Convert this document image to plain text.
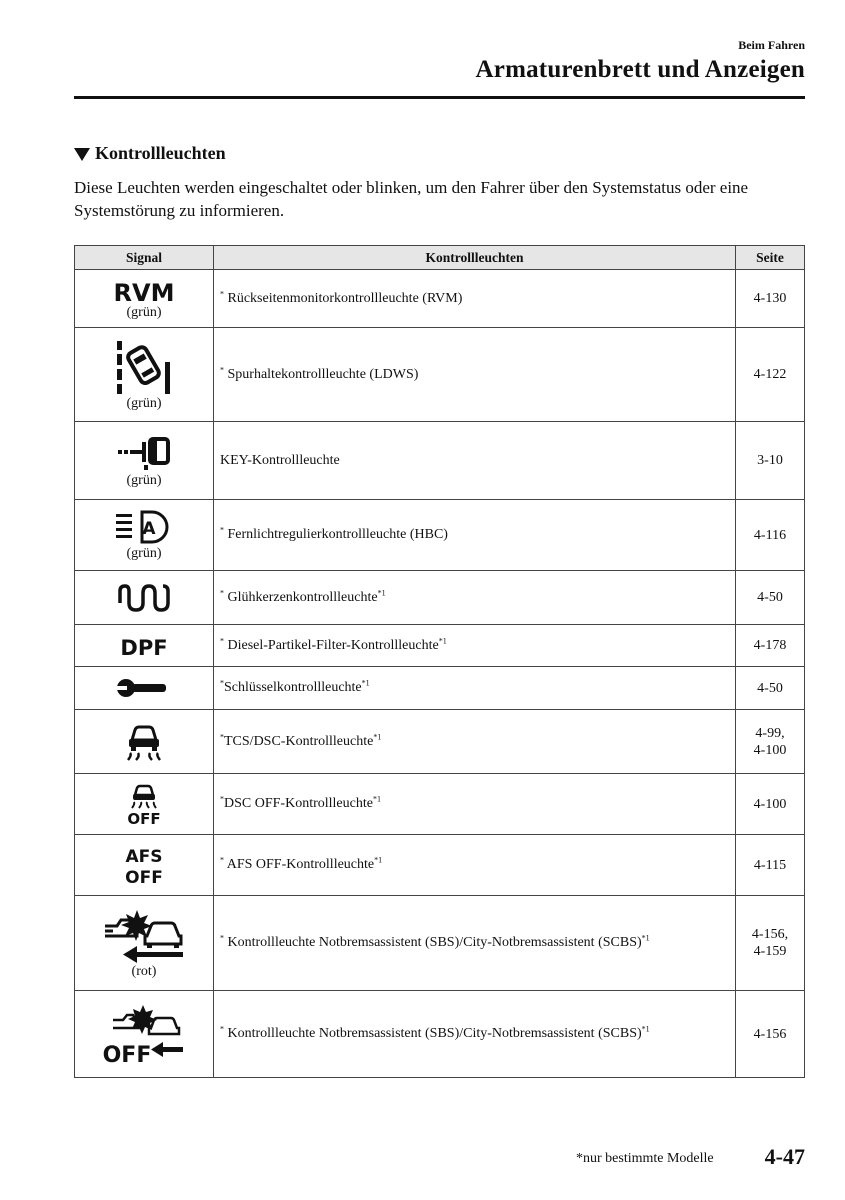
Beim Fahren
Armaturenbrett und Anzeigen
Kontrollleuchten
Diese Leuchten werden eingeschaltet oder blinken, um den Fahrer über den Systemstatus oder eine Systemstörung zu informieren.
Signal	Kontrollleuchten	Seite

RVM
(grün)	* Rückseitenmonitorkontrollleuchte (RVM)	4-130

(grün)	* Spurhaltekontrollleuchte (LDWS)	4-122

(grün)	KEY-Kontrollleuchte	3-10

A
(grün)	* Fernlichtregulierkontrollleuchte (HBC)	4-116

	* Glühkerzenkontrollleuchte$^{*1}$	4-50

DPF	* Diesel-Partikel-Filter-Kontrollleuchte$^{*1}$	4-178

	*Schlüsselkontrollleuchte$^{*1}$	4-50

	*TCS/DSC-Kontrollleuchte$^{*1}$	4-99,
4-100

OFF	*DSC OFF-Kontrollleuchte$^{*1}$	4-100

AFS
OFF	* AFS OFF-Kontrollleuchte$^{*1}$	4-115

(rot)	* Kontrollleuchte Notbremsassistent (SBS)/City-Notbremsassistent (SCBS)$^{*1}$	4-156,
4-159

OFF	* Kontrollleuchte Notbremsassistent (SBS)/City-Notbremsassistent (SCBS)$^{*1}$	4-156
*nur bestimmte Modelle 4-47
